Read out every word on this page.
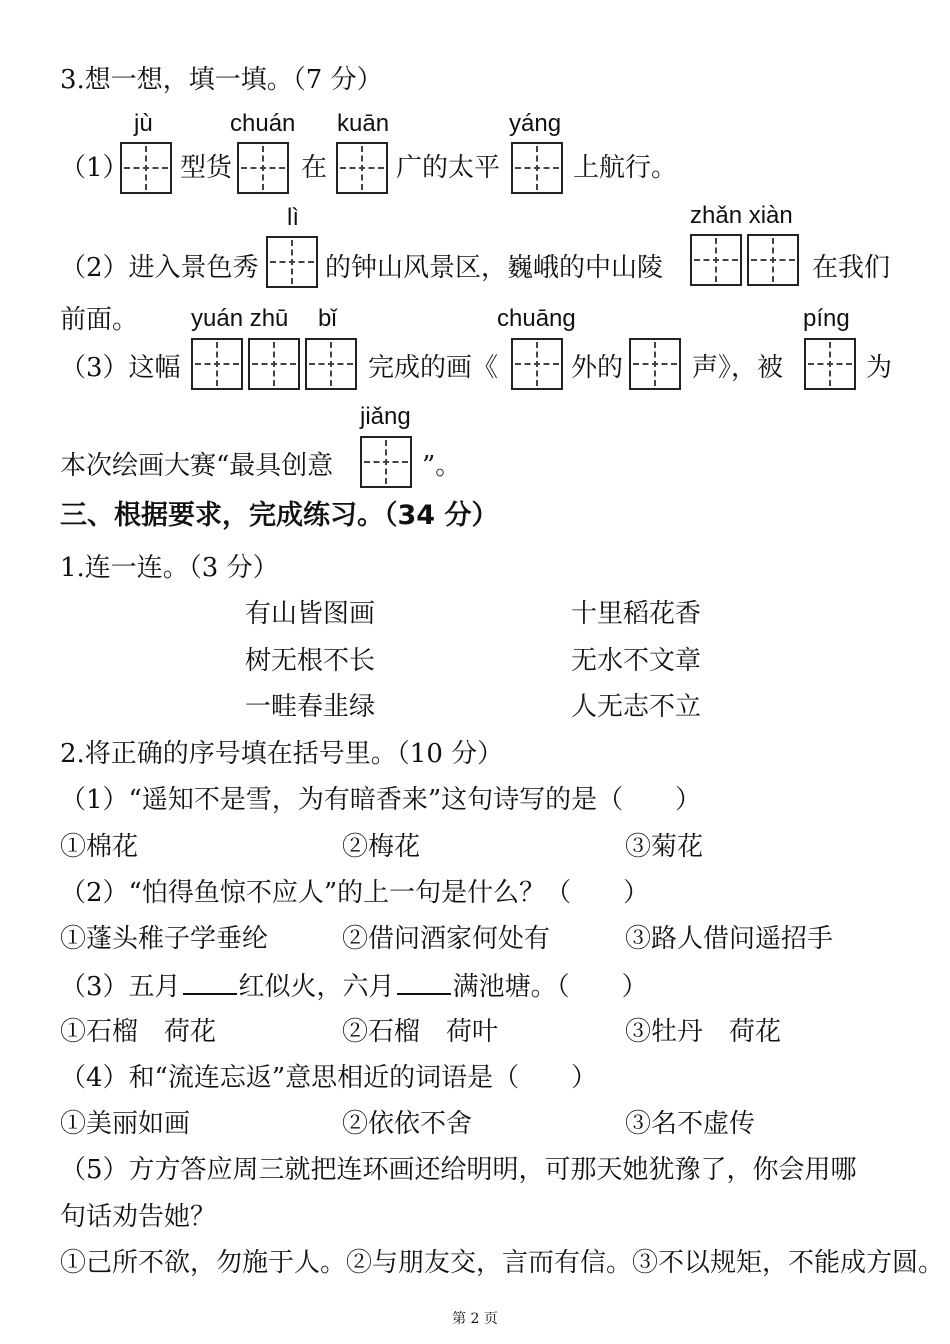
3.想一想，填一填。（7 分）
jù	chuán kuān	yáng
（1） 型货	在	广的太平	上航行。
lì	zhǎn xiàn
（2）进入景色秀	的钟山风景区，巍峨的中山陵	在我们
前面。 yuán zhū bǐ	chuāng	píng
（3）这幅	完成的画《	外的	声》，被	为
jiǎng
本次绘画大赛“最具创意	”。
三、根据要求，完成练习。（34 分）
1.连一连。（3 分）
有山皆图画	十里稻花香
树无根不长	无水不文章
一畦春韭绿	人无志不立
2.将正确的序号填在括号里。（10 分）
（1）“遥知不是雪，为有暗香来”这句诗写的是（　　）
①棉花	②梅花	③菊花
（2）“怕得鱼惊不应人”的上一句是什么？（　　）
①蓬头稚子学垂纶	②借问酒家何处有	③路人借问遥招手
（3）五月 红似火，六月 满池塘。（　　）
①石榴　荷花	②石榴　荷叶	③牡丹　荷花
（4）和“流连忘返”意思相近的词语是（　　）
①美丽如画	②依依不舍	③名不虚传
（5）方方答应周三就把连环画还给明明，可那天她犹豫了，你会用哪
句话劝告她？
①己所不欲，勿施于人。②与朋友交，言而有信。③不以规矩，不能成方圆。
第 2 页
